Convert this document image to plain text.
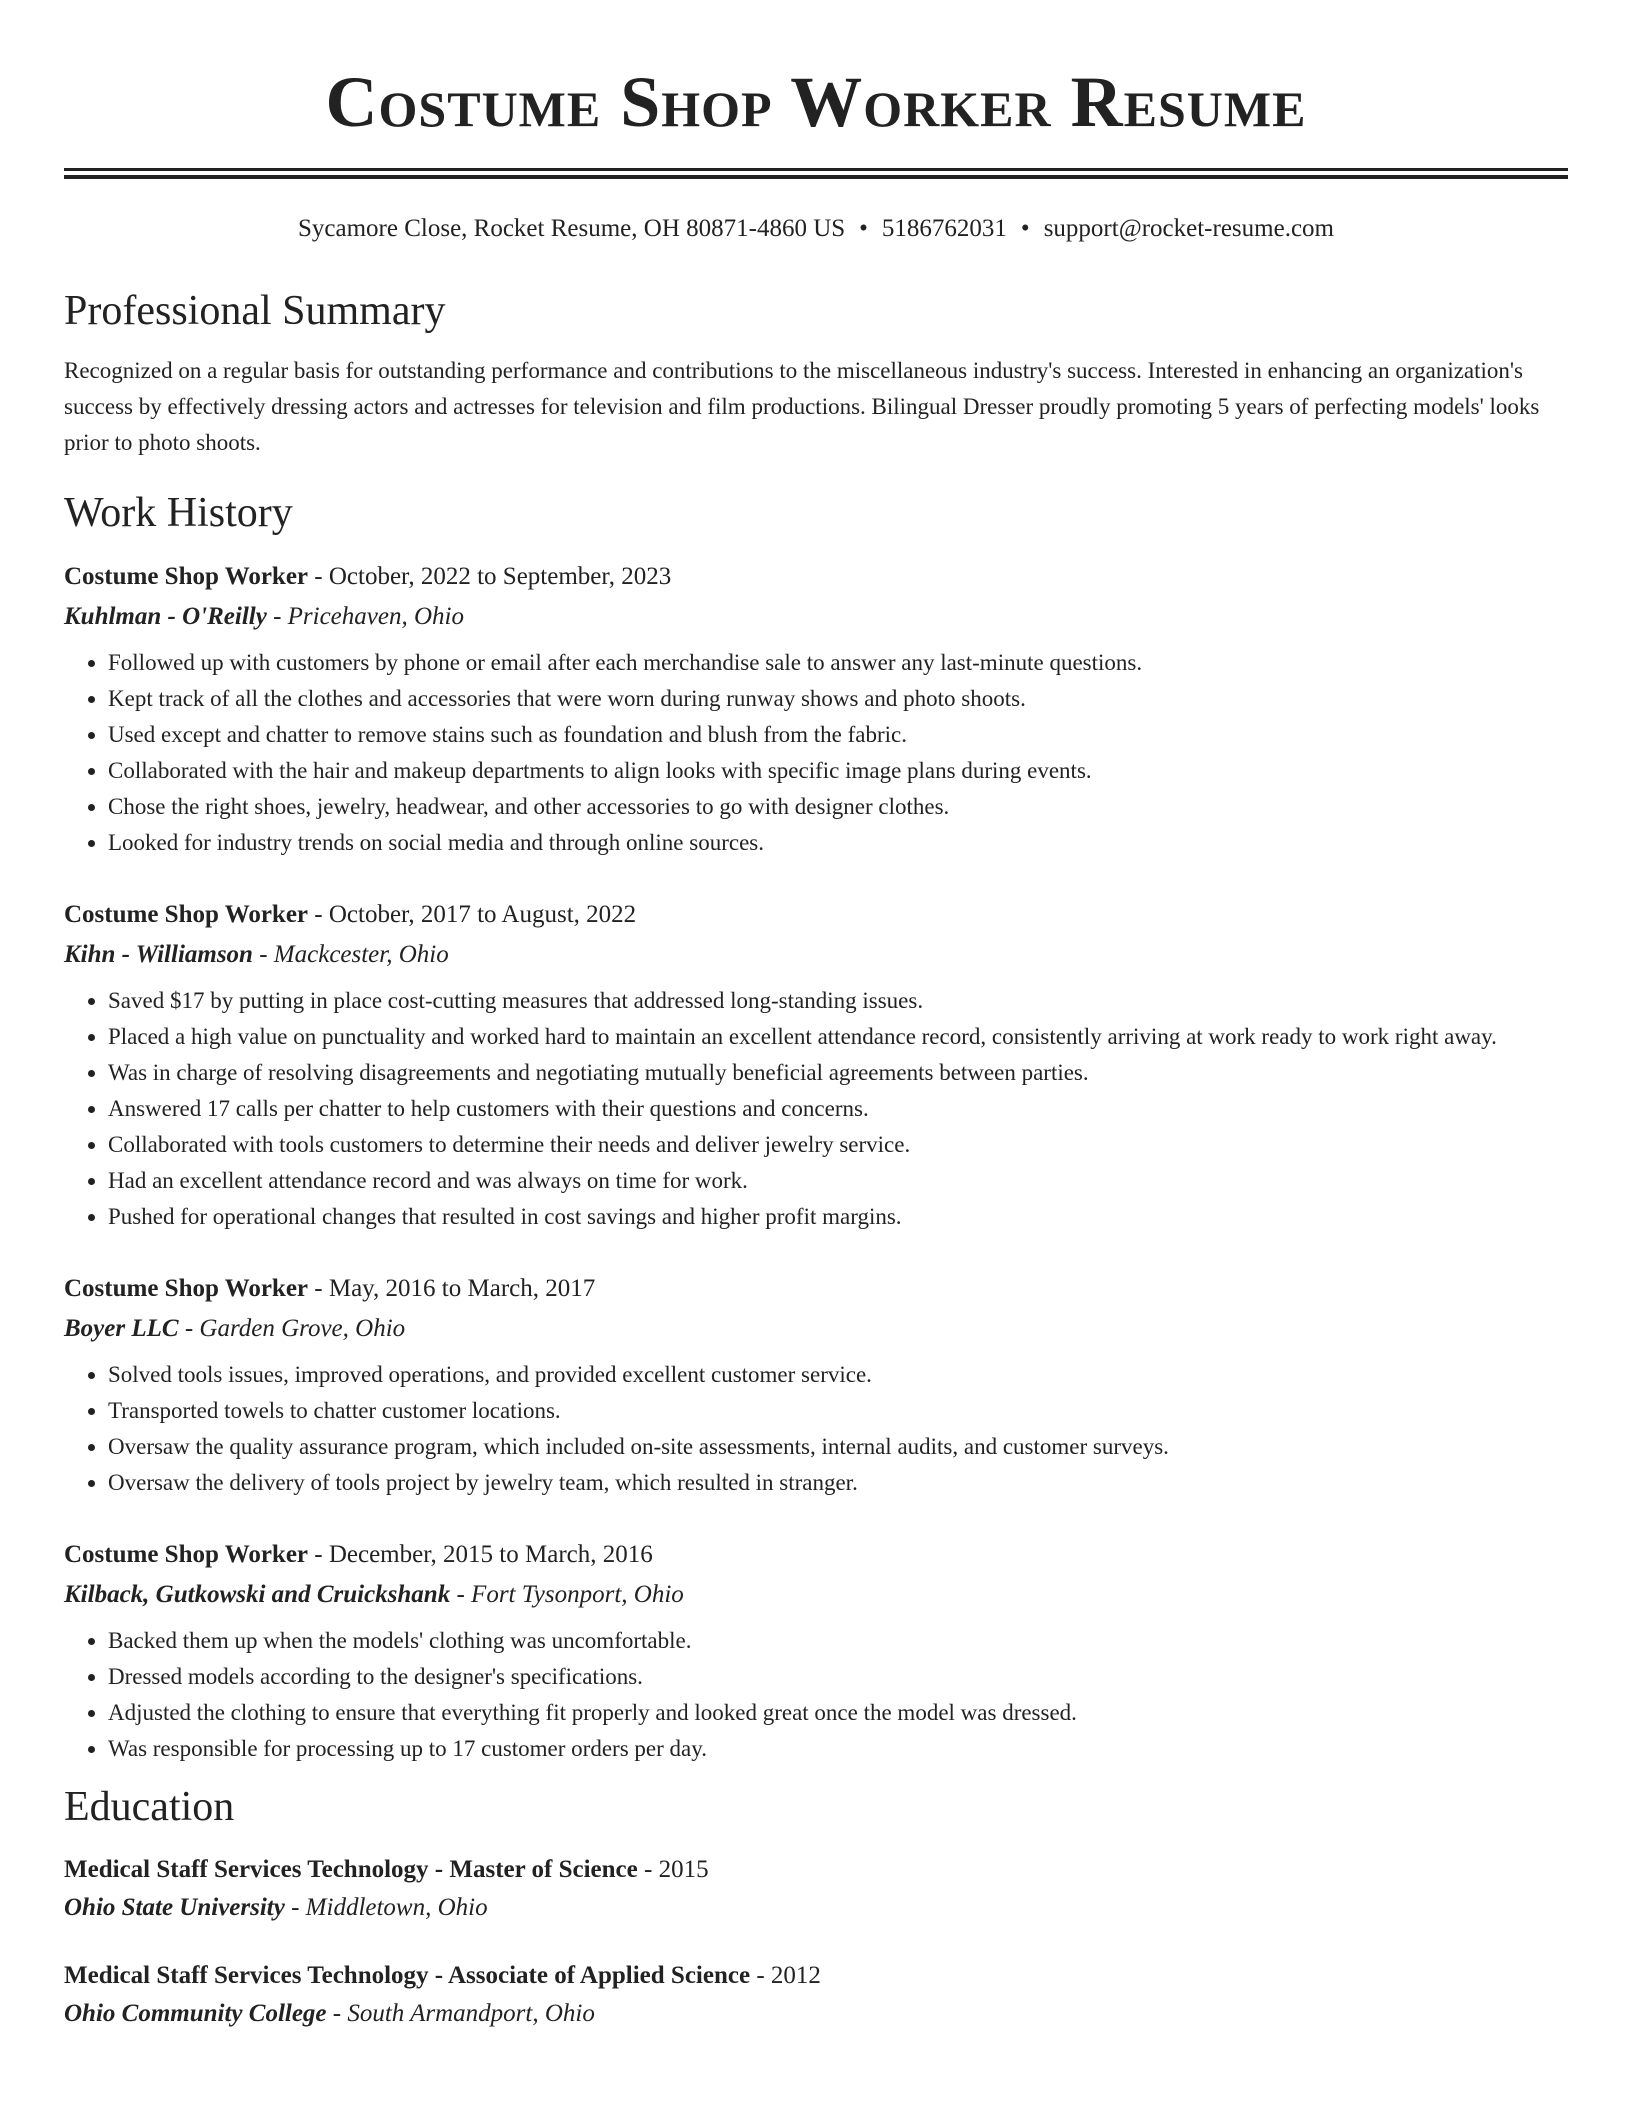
Costume Shop Worker Resume
Sycamore Close, Rocket Resume, OH 80871-4860 US • 5186762031 • support@rocket-resume.com
Professional Summary

Recognized on a regular basis for outstanding performance and contributions to the miscellaneous industry's success. Interested in enhancing an organization's success by effectively dressing actors and actresses for television and film productions. Bilingual Dresser proudly promoting 5 years of perfecting models' looks prior to photo shoots.

Work History
Costume Shop Worker - October, 2022 to September, 2023
Kuhlman - O'Reilly - Pricehaven, Ohio
• Followed up with customers by phone or email after each merchandise sale to answer any last-minute questions.
• Kept track of all the clothes and accessories that were worn during runway shows and photo shoots.
• Used except and chatter to remove stains such as foundation and blush from the fabric.
• Collaborated with the hair and makeup departments to align looks with specific image plans during events.
• Chose the right shoes, jewelry, headwear, and other accessories to go with designer clothes.
• Looked for industry trends on social media and through online sources.
Costume Shop Worker - October, 2017 to August, 2022
Kihn - Williamson - Mackcester, Ohio
• Saved $17 by putting in place cost-cutting measures that addressed long-standing issues.
• Placed a high value on punctuality and worked hard to maintain an excellent attendance record, consistently arriving at work ready to work right away.
• Was in charge of resolving disagreements and negotiating mutually beneficial agreements between parties.
• Answered 17 calls per chatter to help customers with their questions and concerns.
• Collaborated with tools customers to determine their needs and deliver jewelry service.
• Had an excellent attendance record and was always on time for work.
• Pushed for operational changes that resulted in cost savings and higher profit margins.
Costume Shop Worker - May, 2016 to March, 2017
Boyer LLC - Garden Grove, Ohio
• Solved tools issues, improved operations, and provided excellent customer service.
• Transported towels to chatter customer locations.
• Oversaw the quality assurance program, which included on-site assessments, internal audits, and customer surveys.
• Oversaw the delivery of tools project by jewelry team, which resulted in stranger.
Costume Shop Worker - December, 2015 to March, 2016
Kilback, Gutkowski and Cruickshank - Fort Tysonport, Ohio
• Backed them up when the models' clothing was uncomfortable.
• Dressed models according to the designer's specifications.
• Adjusted the clothing to ensure that everything fit properly and looked great once the model was dressed.
• Was responsible for processing up to 17 customer orders per day.
Education
Medical Staff Services Technology - Master of Science - 2015
Ohio State University - Middletown, Ohio
Medical Staff Services Technology - Associate of Applied Science - 2012
Ohio Community College - South Armandport, Ohio
